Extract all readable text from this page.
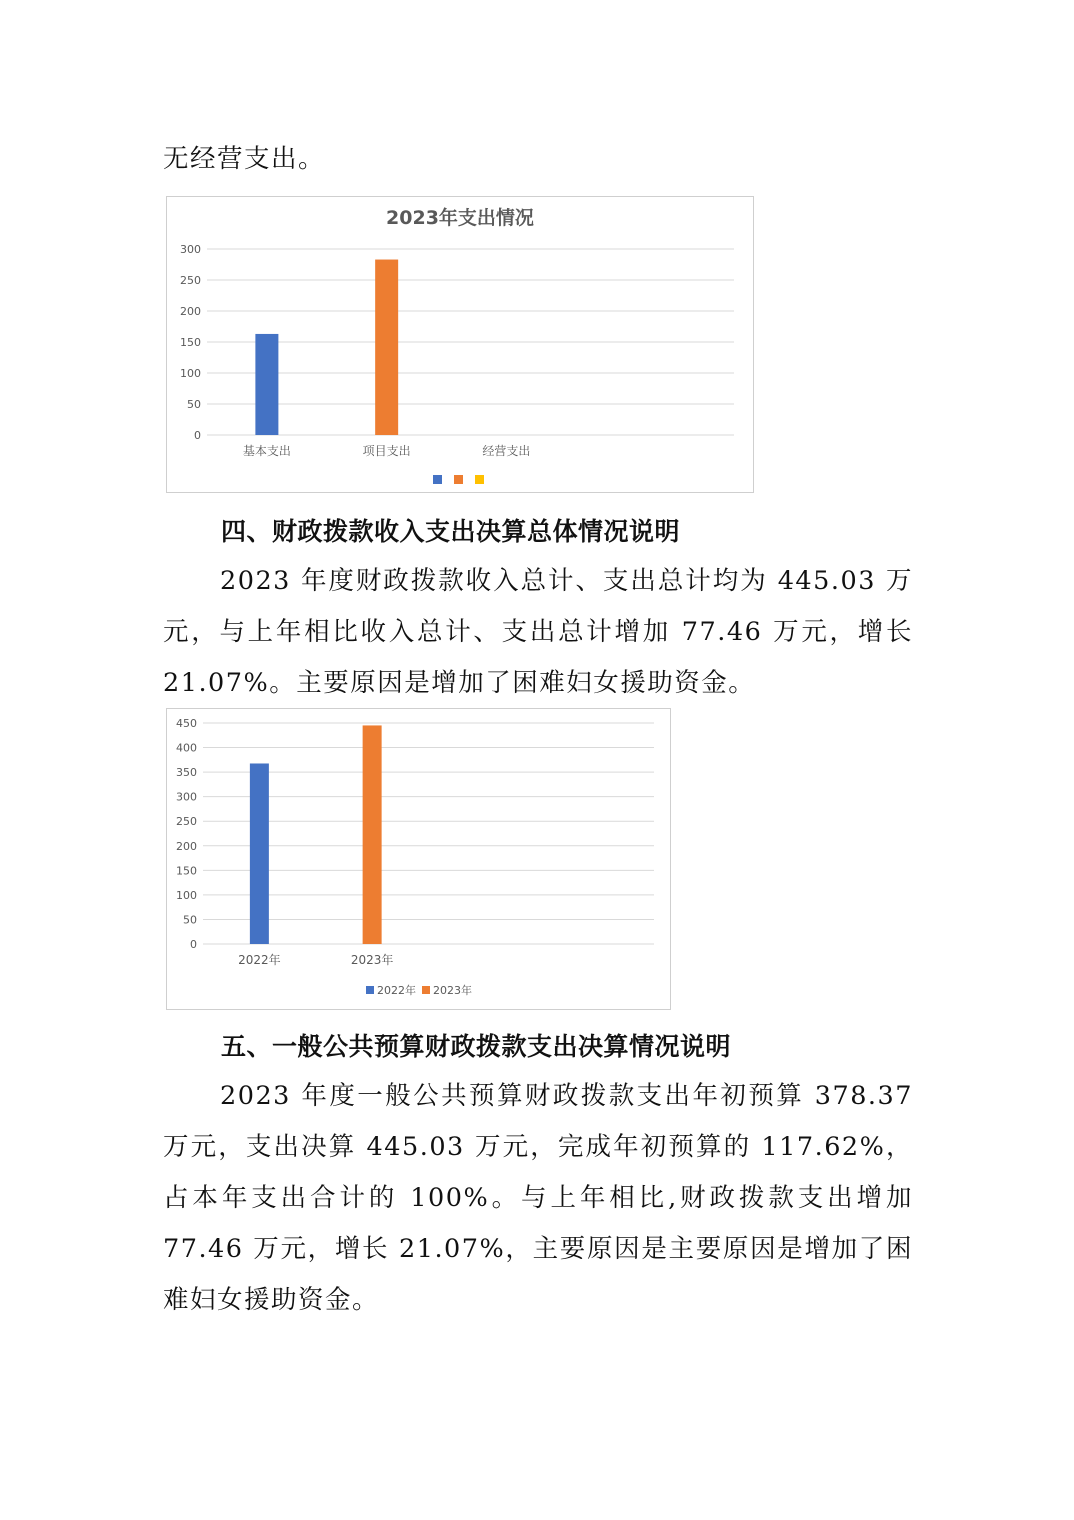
无经营支出。

2023年支出情况
0
50
100
150
200
250
300
基本支出	项目支出	经营支出

四、财政拨款收入支出决算总体情况说明

2023 年度财政拨款收入总计、支出总计均为 445.03 万元，与上年相比收入总计、支出总计增加 77.46 万元，增长 21.07%。主要原因是增加了困难妇女援助资金。

0
50
100
150
200
250
300
350
400
450
2022年	2023年
2022年 2023年

五、一般公共预算财政拨款支出决算情况说明

2023 年度一般公共预算财政拨款支出年初预算 378.37 万元，支出决算 445.03 万元，完成年初预算的 117.62%，占本年支出合计的 100%。与上年相比,财政拨款支出增加 77.46 万元，增长 21.07%，主要原因是主要原因是增加了困难妇女援助资金。
